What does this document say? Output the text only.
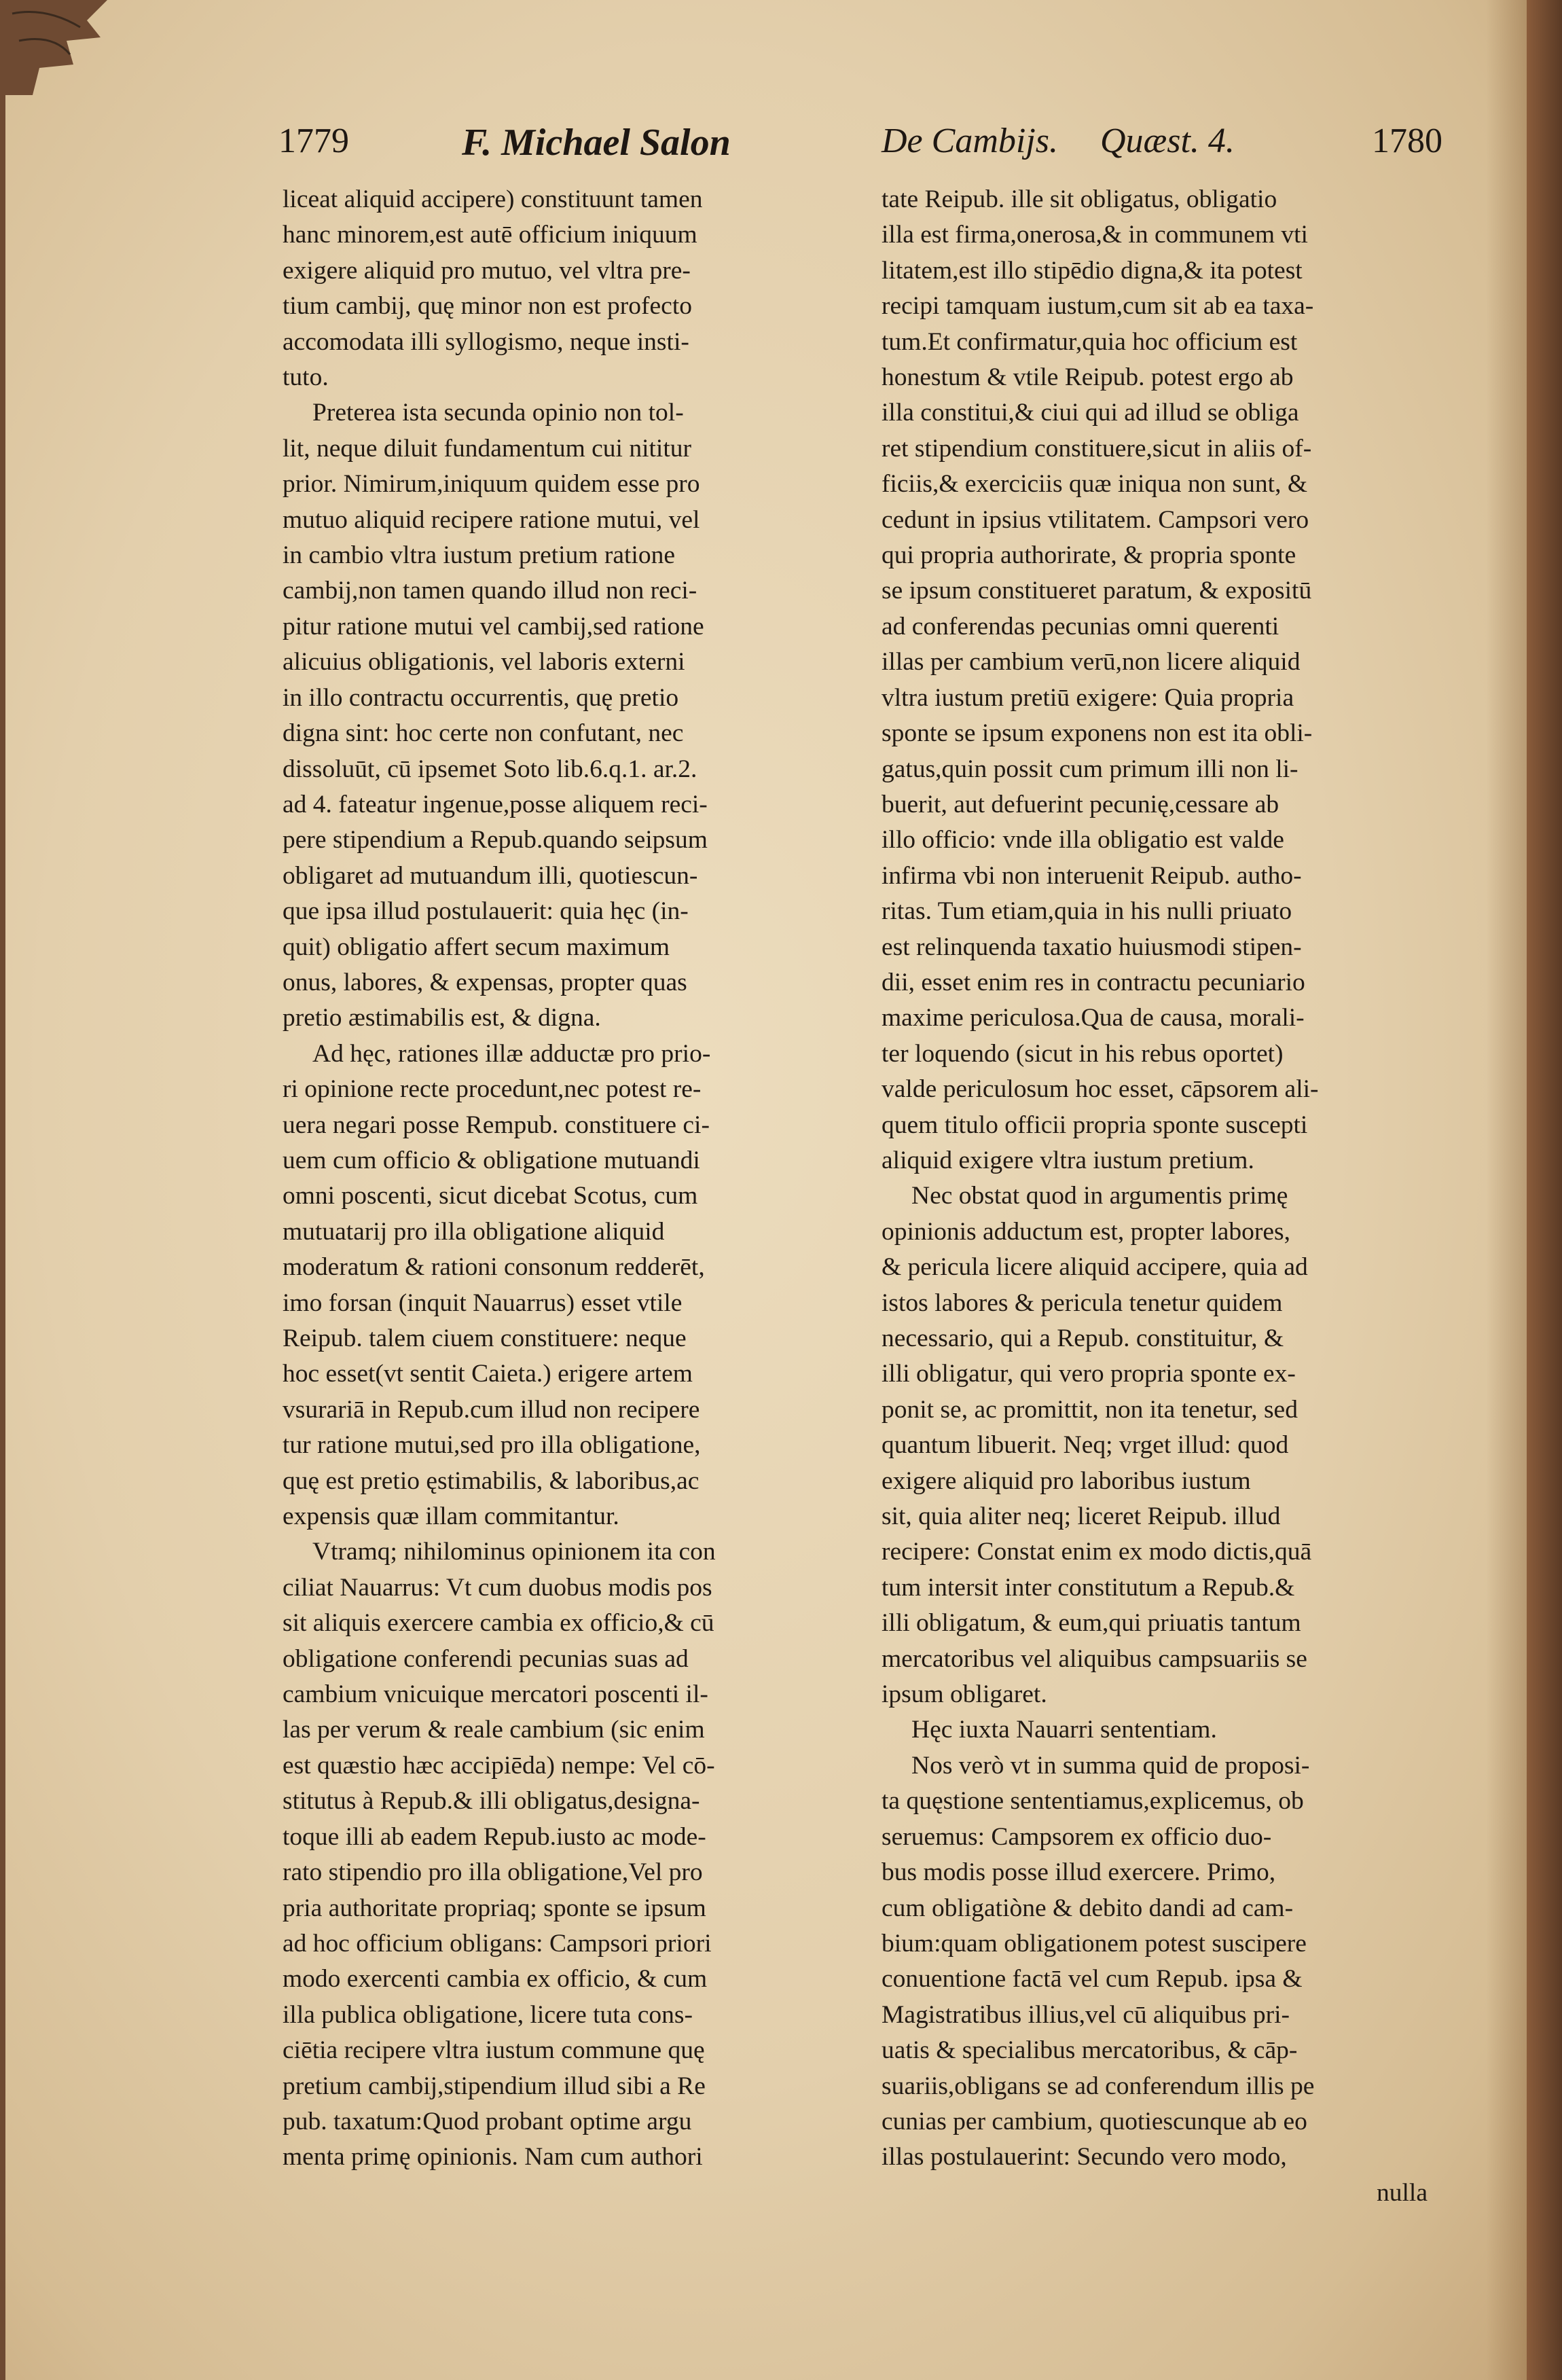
1779	F. Michael Salon	De Cambijs. Quæst. 4.	1780

liceat aliquid accipere) constituunt tamen

hanc minorem,est autē officium iniquum

exigere aliquid pro mutuo, vel vltra pre-

tium cambij, quę minor non est profecto

accomodata illi syllogismo, neque insti-

tuto.

Preterea ista secunda opinio non tol-

lit, neque diluit fundamentum cui nititur

prior. Nimirum,iniquum quidem esse pro

mutuo aliquid recipere ratione mutui, vel

in cambio vltra iustum pretium ratione

cambij,non tamen quando illud non reci-

pitur ratione mutui vel cambij,sed ratione

alicuius obligationis, vel laboris externi

in illo contractu occurrentis, quę pretio

digna sint: hoc certe non confutant, nec

dissoluūt, cū ipsemet Soto lib.6.q.1. ar.2.

ad 4. fateatur ingenue,posse aliquem reci-

pere stipendium a Repub.quando seipsum

obligaret ad mutuandum illi, quotiescun-

que ipsa illud postulauerit: quia hęc (in-

quit) obligatio affert secum maximum

onus, labores, & expensas, propter quas

pretio æstimabilis est, & digna.

Ad hęc, rationes illæ adductæ pro prio-

ri opinione recte procedunt,nec potest re-

uera negari posse Rempub. constituere ci-

uem cum officio & obligatione mutuandi

omni poscenti, sicut dicebat Scotus, cum

mutuatarij pro illa obligatione aliquid

moderatum & rationi consonum redderēt,

imo forsan (inquit Nauarrus) esset vtile

Reipub. talem ciuem constituere: neque

hoc esset(vt sentit Caieta.) erigere artem

vsurariā in Repub.cum illud non recipere

tur ratione mutui,sed pro illa obligatione,

quę est pretio ęstimabilis, & laboribus,ac

expensis quæ illam commitantur.

Vtramq; nihilominus opinionem ita con

ciliat Nauarrus: Vt cum duobus modis pos

sit aliquis exercere cambia ex officio,& cū

obligatione conferendi pecunias suas ad

cambium vnicuique mercatori poscenti il-

las per verum & reale cambium (sic enim

est quæstio hæc accipiēda) nempe: Vel cō-

stitutus à Repub.& illi obligatus,designa-

toque illi ab eadem Repub.iusto ac mode-

rato stipendio pro illa obligatione,Vel pro

pria authoritate propriaq; sponte se ipsum

ad hoc officium obligans: Campsori priori

modo exercenti cambia ex officio, & cum

illa publica obligatione, licere tuta cons-

ciētia recipere vltra iustum commune quę

pretium cambij,stipendium illud sibi a Re

pub. taxatum:Quod probant optime argu

menta primę opinionis. Nam cum authori

tate Reipub. ille sit obligatus, obligatio

illa est firma,onerosa,& in communem vti

litatem,est illo stipēdio digna,& ita potest

recipi tamquam iustum,cum sit ab ea taxa-

tum.Et confirmatur,quia hoc officium est

honestum & vtile Reipub. potest ergo ab

illa constitui,& ciui qui ad illud se obliga

ret stipendium constituere,sicut in aliis of-

ficiis,& exerciciis quæ iniqua non sunt, &

cedunt in ipsius vtilitatem. Campsori vero

qui propria authorirate, & propria sponte

se ipsum constitueret paratum, & expositū

ad conferendas pecunias omni querenti

illas per cambium verū,non licere aliquid

vltra iustum pretiū exigere: Quia propria

sponte se ipsum exponens non est ita obli-

gatus,quin possit cum primum illi non li-

buerit, aut defuerint pecunię,cessare ab

illo officio: vnde illa obligatio est valde

infirma vbi non interuenit Reipub. autho-

ritas. Tum etiam,quia in his nulli priuato

est relinquenda taxatio huiusmodi stipen-

dii, esset enim res in contractu pecuniario

maxime periculosa.Qua de causa, morali-

ter loquendo (sicut in his rebus oportet)

valde periculosum hoc esset, cāpsorem ali-

quem titulo officii propria sponte suscepti

aliquid exigere vltra iustum pretium.

Nec obstat quod in argumentis primę

opinionis adductum est, propter labores,

& pericula licere aliquid accipere, quia ad

istos labores & pericula tenetur quidem

necessario, qui a Repub. constituitur, &

illi obligatur, qui vero propria sponte ex-

ponit se, ac promittit, non ita tenetur, sed

quantum libuerit. Neq; vrget illud: quod

exigere aliquid pro laboribus iustum

sit, quia aliter neq; liceret Reipub. illud

recipere: Constat enim ex modo dictis,quā

tum intersit inter constitutum a Repub.&

illi obligatum, & eum,qui priuatis tantum

mercatoribus vel aliquibus campsuariis se

ipsum obligaret.

Hęc iuxta Nauarri sententiam.

Nos verò vt in summa quid de proposi-

ta quęstione sententiamus,explicemus, ob

seruemus: Campsorem ex officio duo-

bus modis posse illud exercere. Primo,

cum obligatiòne & debito dandi ad cam-

bium:quam obligationem potest suscipere

conuentione factā vel cum Repub. ipsa &

Magistratibus illius,vel cū aliquibus pri-

uatis & specialibus mercatoribus, & cāp-

suariis,obligans se ad conferendum illis pe

cunias per cambium, quotiescunque ab eo

illas postulauerint: Secundo vero modo,

nulla
